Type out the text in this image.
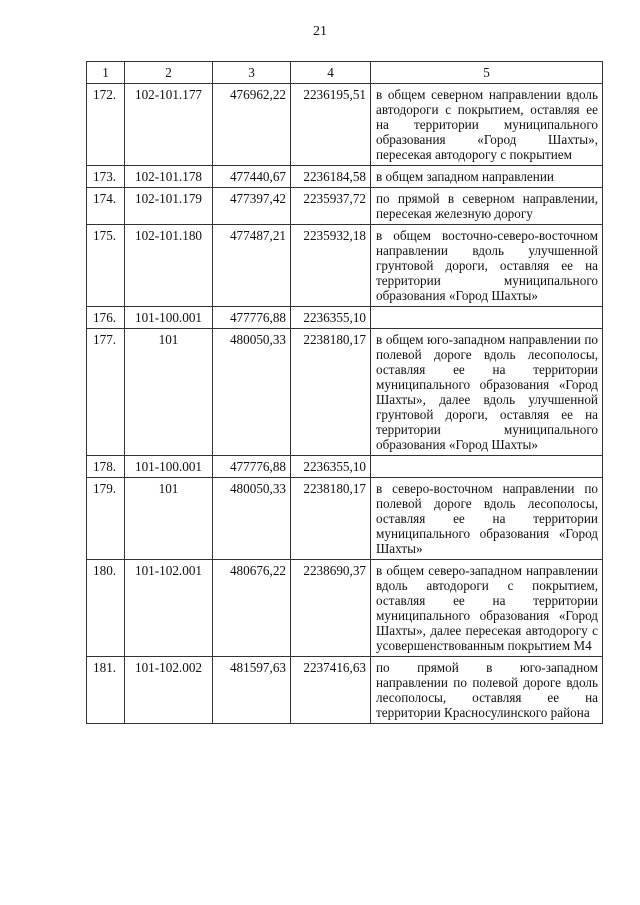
21
1	2	3	4	5
172.	102-101.177	476962,22	2236195,51	в общем северном направлении вдоль автодороги с покрытием, оставляя ее на территории муниципального образования «Город Шахты», пересекая автодорогу с покрытием
173.	102-101.178	477440,67	2236184,58	в общем западном направлении
174.	102-101.179	477397,42	2235937,72	по прямой в северном направлении, пересекая железную дорогу
175.	102-101.180	477487,21	2235932,18	в общем восточно-северо-восточном направлении вдоль улучшенной грунтовой дороги, оставляя ее на территории муниципального образования «Город Шахты»
176.	101-100.001	477776,88	2236355,10	
177.	101	480050,33	2238180,17	в общем юго-западном направлении по полевой дороге вдоль лесополосы, оставляя ее на территории муниципального образования «Город Шахты», далее вдоль улучшенной грунтовой дороги, оставляя ее на территории муниципального образования «Город Шахты»
178.	101-100.001	477776,88	2236355,10	
179.	101	480050,33	2238180,17	в северо-восточном направлении по полевой дороге вдоль лесополосы, оставляя ее на территории муниципального образования «Город Шахты»
180.	101-102.001	480676,22	2238690,37	в общем северо-западном направлении вдоль автодороги с покрытием, оставляя ее на территории муниципального образования «Город Шахты», далее пересекая автодорогу с усовершенствованным покрытием М4
181.	101-102.002	481597,63	2237416,63	по прямой в юго-западном направлении по полевой дороге вдоль лесополосы, оставляя ее на территории Красносулинского района
